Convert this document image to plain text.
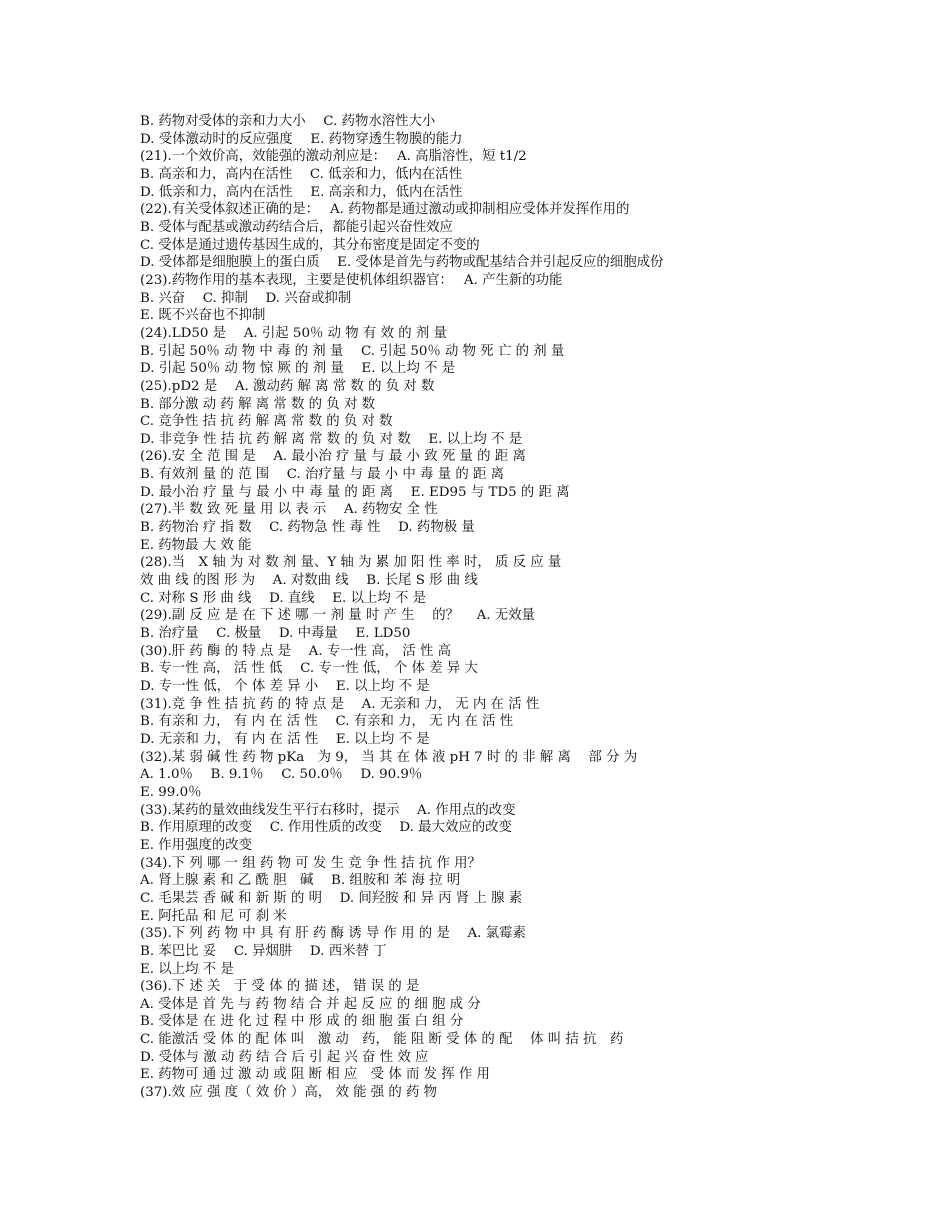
B. 药物对受体的亲和力大小　 C. 药物水溶性大小
D. 受体激动时的反应强度　 E. 药物穿透生物膜的能力
(21).一个效价高，效能强的激动剂应是：　 A. 高脂溶性，短 t1/2
B. 高亲和力，高内在活性　 C. 低亲和力，低内在活性
D. 低亲和力，高内在活性　 E. 高亲和力，低内在活性
(22).有关受体叙述正确的是：　 A. 药物都是通过激动或抑制相应受体并发挥作用的
B. 受体与配基或激动药结合后，都能引起兴奋性效应
C. 受体是通过遗传基因生成的，其分布密度是固定不变的
D. 受体都是细胞膜上的蛋白质　 E. 受体是首先与药物或配基结合并引起反应的细胞成份
(23).药物作用的基本表现，主要是使机体组织器官：　 A. 产生新的功能
B. 兴奋　 C. 抑制　 D. 兴奋或抑制
E. 既不兴奋也不抑制
(24).LD50 是　 A. 引起 50％ 动 物 有 效 的 剂 量
B. 引起 50％ 动 物 中 毒 的 剂 量　 C. 引起 50％ 动 物 死 亡 的 剂 量
D. 引起 50％ 动 物 惊 厥 的 剂 量　 E. 以上均 不 是
(25).pD2 是　 A. 激动药 解 离 常 数 的 负 对 数
B. 部分激 动 药 解 离 常 数 的 负 对 数
C. 竞争性 拮 抗 药 解 离 常 数 的 负 对 数
D. 非竞争 性 拮 抗 药 解 离 常 数 的 负 对 数　 E. 以上均 不 是
(26).安 全 范 围 是　 A. 最小治 疗 量 与 最 小 致 死 量 的 距 离
B. 有效剂 量 的 范 围　 C. 治疗量 与 最 小 中 毒 量 的 距 离
D. 最小治 疗 量 与 最 小 中 毒 量 的 距 离　 E. ED95 与 TD5 的 距 离
(27).半 数 致 死 量 用 以 表 示　 A. 药物安 全 性
B. 药物治 疗 指 数　 C. 药物急 性 毒 性　 D. 药物极 量
E. 药物最 大 效 能
(28).当　X 轴 为 对 数 剂 量、Y 轴 为 累 加 阳 性 率 时， 质 反 应 量
效 曲 线 的图 形 为　 A. 对数曲 线　 B. 长尾 S 形 曲 线
C. 对称 S 形 曲 线　 D. 直线　 E. 以上均 不 是
(29).副 反 应 是 在 下 述 哪 一 剂 量 时 产 生　 的？　 A. 无效量
B. 治疗量　 C. 极量　 D. 中毒量　 E. LD50
(30).肝 药 酶 的 特 点 是　 A. 专一性 高， 活 性 高
B. 专一性 高， 活 性 低　 C. 专一性 低， 个 体 差 异 大
D. 专一性 低， 个 体 差 异 小　 E. 以上均 不 是
(31).竞 争 性 拮 抗 药 的 特 点 是　 A. 无亲和 力， 无 内 在 活 性
B. 有亲和 力， 有 内 在 活 性　 C. 有亲和 力， 无 内 在 活 性
D. 无亲和 力， 有 内 在 活 性　 E. 以上均 不 是
(32).某 弱 碱 性 药 物 pKa　为 9， 当 其 在 体 液 pH 7 时 的 非 解 离　 部 分 为
A. 1.0％　 B. 9.1％　 C. 50.0％　 D. 90.9％
E. 99.0％
(33).某药的量效曲线发生平行右移时，提示　 A. 作用点的改变
B. 作用原理的改变　 C. 作用性质的改变　 D. 最大效应的改变
E. 作用强度的改变
(34).下 列 哪 一 组 药 物 可 发 生 竞 争 性 拮 抗 作 用？
A. 肾上腺 素 和 乙 酰 胆　碱　 B. 组胺和 苯 海 拉 明
C. 毛果芸 香 碱 和 新 斯 的 明　 D. 间羟胺 和 异 丙 肾 上 腺 素
E. 阿托品 和 尼 可 刹 米
(35).下 列 药 物 中 具 有 肝 药 酶 诱 导 作 用 的 是　 A. 氯霉素
B. 苯巴比 妥　 C. 异烟肼　 D. 西米替 丁
E. 以上均 不 是
(36).下 述 关　于 受 体 的 描 述， 错 误 的 是
A. 受体是 首 先 与 药 物 结 合 并 起 反 应 的 细 胞 成 分
B. 受体是 在 进 化 过 程 中 形 成 的 细 胞 蛋 白 组 分
C. 能激活 受 体 的 配 体 叫　激 动　药， 能 阻 断 受 体 的 配　 体 叫 拮 抗　药
D. 受体与 激 动 药 结 合 后 引 起 兴 奋 性 效 应
E. 药物可 通 过 激 动 或 阻 断 相 应　受 体 而 发 挥 作 用
(37).效 应 强 度（ 效 价 ）高， 效 能 强 的 药 物
